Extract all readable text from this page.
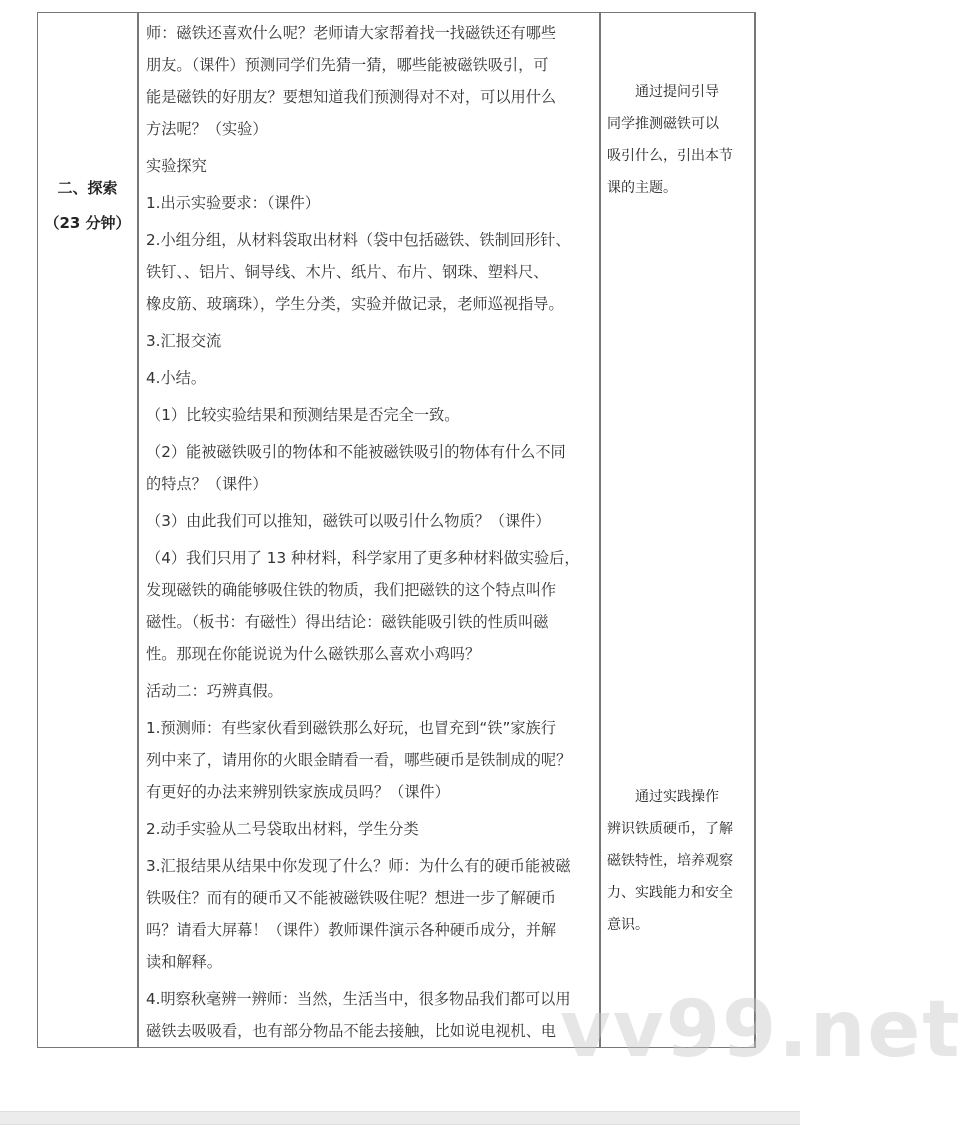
二、探索
（23 分钟）
师：磁铁还喜欢什么呢？老师请大家帮着找一找磁铁还有哪些
朋友。（课件）预测同学们先猜一猜，哪些能被磁铁吸引，可
能是磁铁的好朋友？要想知道我们预测得对不对，可以用什么
方法呢？（实验）
实验探究
1.出示实验要求：（课件）
2.小组分组，从材料袋取出材料（袋中包括磁铁、铁制回形针、
铁钉、、铝片、铜导线、木片、纸片、布片、钢珠、塑料尺、
橡皮筋、玻璃珠），学生分类，实验并做记录，老师巡视指导。
3.汇报交流
4.小结。
（1）比较实验结果和预测结果是否完全一致。
（2）能被磁铁吸引的物体和不能被磁铁吸引的物体有什么不同
的特点？（课件）
（3）由此我们可以推知，磁铁可以吸引什么物质？（课件）
（4）我们只用了 13 种材料，科学家用了更多种材料做实验后，
发现磁铁的确能够吸住铁的物质，我们把磁铁的这个特点叫作
磁性。（板书：有磁性）得出结论：磁铁能吸引铁的性质叫磁
性。那现在你能说说为什么磁铁那么喜欢小鸡吗？
活动二：巧辨真假。
1.预测师：有些家伙看到磁铁那么好玩，也冒充到“铁”家族行
列中来了，请用你的火眼金睛看一看，哪些硬币是铁制成的呢？
有更好的办法来辨别铁家族成员吗？（课件）
2.动手实验从二号袋取出材料，学生分类
3.汇报结果从结果中你发现了什么？师：为什么有的硬币能被磁
铁吸住？而有的硬币又不能被磁铁吸住呢？想进一步了解硬币
吗？请看大屏幕！（课件）教师课件演示各种硬币成分，并解
读和解释。
4.明察秋毫辨一辨师：当然，生活当中，很多物品我们都可以用
磁铁去吸吸看，也有部分物品不能去接触，比如说电视机、电
　　通过提问引导
同学推测磁铁可以
吸引什么，引出本节
课的主题。
　　通过实践操作
辨识铁质硬币，了解
磁铁特性，培养观察
力、实践能力和安全
意识。
vv99.net
